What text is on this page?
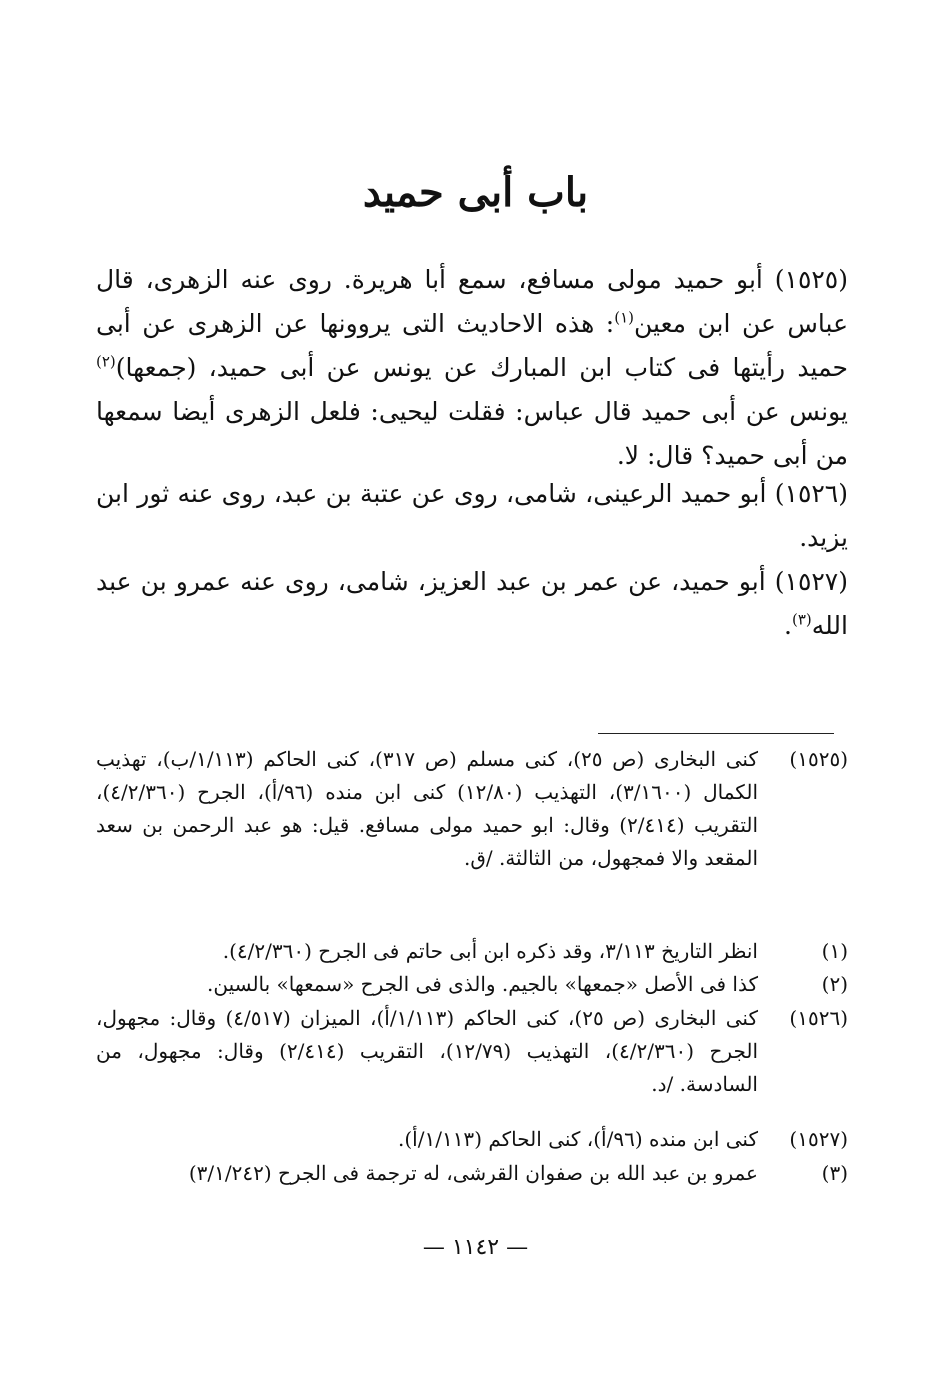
باب أبى حميد
(١٥٢٥) أبو حميد مولى مسافع، سمع أبا هريرة. روى عنه الزهرى، قال عباس عن ابن معين$^{(١)}$: هذه الاحاديث التى يروونها عن الزهرى عن أبى حميد رأيتها فى كتاب ابن المبارك عن يونس عن أبى حميد، (جمعها)$^{(٢)}$ يونس عن أبى حميد قال عباس: فقلت ليحيى: فلعل الزهرى أيضا سمعها من أبى حميد؟ قال: لا.
(١٥٢٦) أبو حميد الرعينى، شامى، روى عن عتبة بن عبد، روى عنه ثور ابن يزيد.
(١٥٢٧) أبو حميد، عن عمر بن عبد العزيز، شامى، روى عنه عمرو بن عبد الله$^{(٣)}$.
(١٥٢٥)
كنى البخارى (ص ٢٥)، كنى مسلم (ص ٣١٧)، كنى الحاكم (١/١١٣/ب)، تهذيب الكمال (٣/١٦٠٠)، التهذيب (١٢/٨٠) كنى ابن منده (٩٦/أ)، الجرح (٤/٢/٣٦٠)، التقريب (٢/٤١٤) وقال: ابو حميد مولى مسافع. قيل: هو عبد الرحمن بن سعد المقعد والا فمجهول، من الثالثة. /ق.
(١)
انظر التاريخ ٣/١١٣، وقد ذكره ابن أبى حاتم فى الجرح (٤/٢/٣٦٠).
(٢)
كذا فى الأصل «جمعها» بالجيم. والذى فى الجرح «سمعها» بالسين.
(١٥٢٦)
كنى البخارى (ص ٢٥)، كنى الحاكم (١/١١٣/أ)، الميزان (٤/٥١٧) وقال: مجهول، الجرح (٤/٢/٣٦٠)، التهذيب (١٢/٧٩)، التقريب (٢/٤١٤) وقال: مجهول، من السادسة. /د.
(١٥٢٧)
كنى ابن منده (٩٦/أ)، كنى الحاكم (١/١١٣/أ).
(٣)
عمرو بن عبد الله بن صفوان القرشى، له ترجمة فى الجرح (٣/١/٢٤٢)
— ١١٤٢ —
